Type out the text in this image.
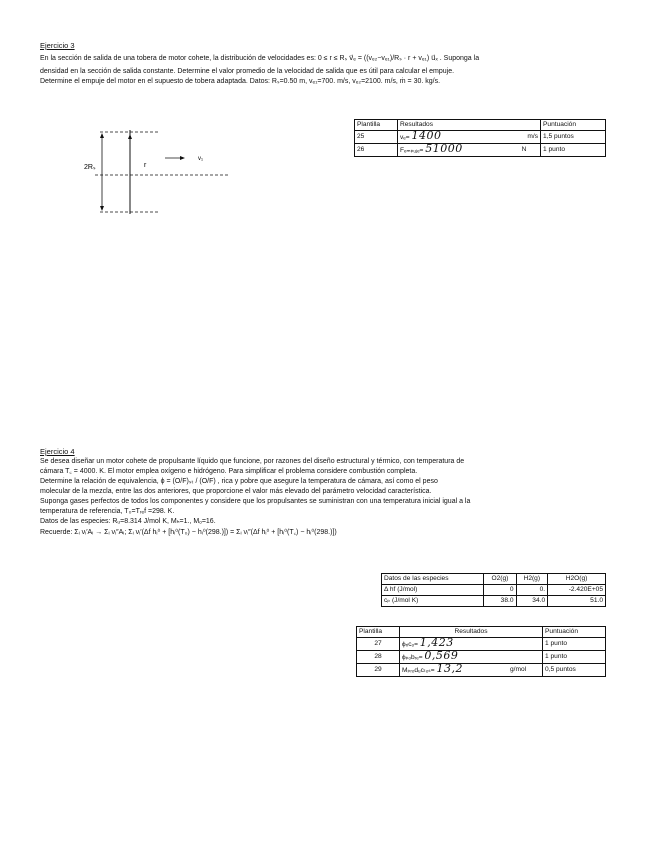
Ejercicio 3
En la sección de salida de una tobera de motor cohete, la distribución de velocidades es: 0 ≤ r ≤ Rₛ v⃗ₑ = ((vₑ₂−vₑ₁)/Rₛ · r + vₑ₁) u⃗ₓ . Suponga la
densidad en la sección de salida constante. Determine el valor promedio de la velocidad de salida que es útil para calcular el empuje.
Determine el empuje del motor en el supuesto de tobera adaptada. Datos: Rₛ=0.50 m, vₑ₁=700. m/s, vₑ₂=2100. m/s, ṁ = 30. kg/s.
2Rₛ	r
v₁
Plantilla	Resultados		Puntuación
25	vₑ= 1400	m/s	1,5 puntos
26	Fₑₘₚᵤⱼₑ= 51000	N	1 punto
Ejercicio 4
Se desea diseñar un motor cohete de propulsante líquido que funcione, por razones del diseño estructural y térmico, con temperatura de
cámara T꜀ = 4000. K. El motor emplea oxígeno e hidrógeno. Para simplificar el problema considere combustión completa.
Determine la relación de equivalencia, ϕ = (O/F)ₛₜ / (O/F) , rica y pobre que asegure la temperatura de cámara, así como el peso
molecular de la mezcla, entre las dos anteriores, que proporcione el valor más elevado del parámetro velocidad característica.
Suponga gases perfectos de todos los componentes y considere que los propulsantes se suministran con una temperatura inicial igual a la
temperatura de referencia, T₀=Tᵣₑf =298. K.
Datos de las especies: Rᵤ=8.314 J/mol K, Mₕ=1., Mₒ=16.
Recuerde: Σᵢ νᵢ′Aᵢ → Σᵢ νᵢ″Aᵢ; Σᵢ νᵢ′(Δf hᵢ⁰ + [hᵢ⁰(T₀) − hᵢ⁰(298.)]) = Σᵢ νᵢ″(Δf hᵢ⁰ + [hᵢ⁰(T꜀) − hᵢ⁰(298.)])
Datos de las especies	O2(g)	H2(g)	H2O(g)
Δ hf (J/mol)	0	0.	-2.420E+05
cₚ (J/mol K)	38.0	34.0	51.0
Plantilla	Resultados		Puntuación
27	ϕᵣᵢcₒ= 1,423		1 punto
28	ϕₚₒbᵣₑ= 0,569		1 punto
29	Mₚᵣₒdᵤcₜₒₛ= 13,2	g/mol	0,5 puntos
